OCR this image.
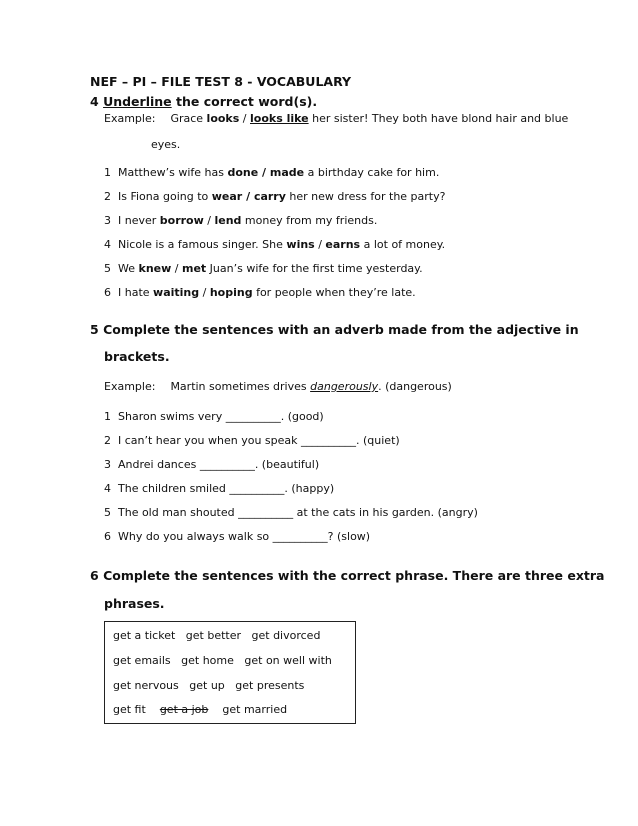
NEF – PI – FILE TEST 8 - VOCABULARY
4 Underline the correct word(s).
Example: Grace looks / looks like her sister! They both have blond hair and blue
eyes.
1 Matthew’s wife has done / made a birthday cake for him.
2 Is Fiona going to wear / carry her new dress for the party?
3 I never borrow / lend money from my friends.
4 Nicole is a famous singer. She wins / earns a lot of money.
5 We knew / met Juan’s wife for the first time yesterday.
6 I hate waiting / hoping for people when they’re late.
5 Complete the sentences with an adverb made from the adjective in
brackets.
Example: Martin sometimes drives dangerously. (dangerous)
1 Sharon swims very __________. (good)
2 I can’t hear you when you speak __________. (quiet)
3 Andrei dances __________. (beautiful)
4 The children smiled __________. (happy)
5 The old man shouted __________ at the cats in his garden. (angry)
6 Why do you always walk so __________? (slow)
6 Complete the sentences with the correct phrase. There are three extra
phrases.
get a ticket get better get divorced
get emails get home get on well with
get nervous get up get presents
get fit get a job get married
